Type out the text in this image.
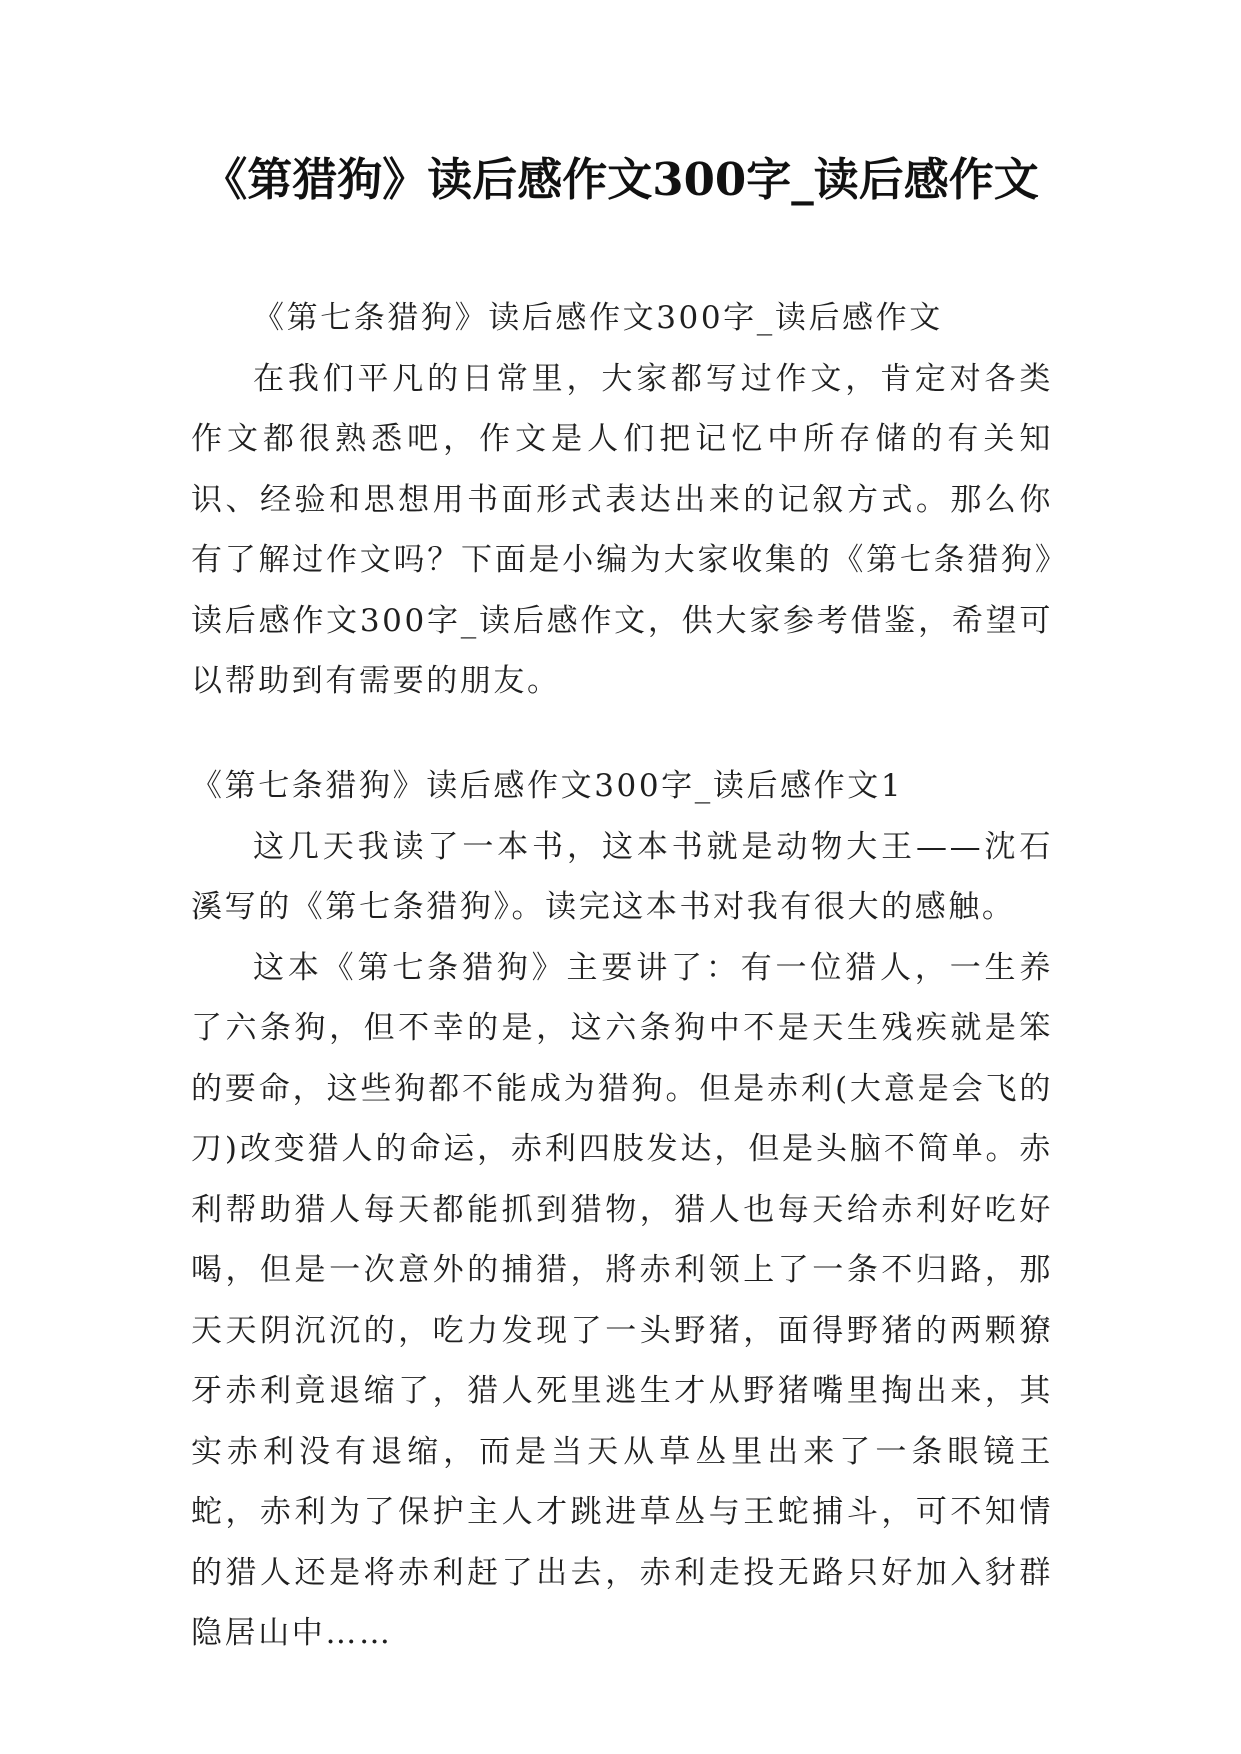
《第猎狗》读后感作文300字_读后感作文

《第七条猎狗》读后感作文300字_读后感作文

在我们平凡的日常里，大家都写过作文，肯定对各类作文都很熟悉吧，作文是人们把记忆中所存储的有关知识、经验和思想用书面形式表达出来的记叙方式。那么你有了解过作文吗？下面是小编为大家收集的《第七条猎狗》读后感作文300字_读后感作文，供大家参考借鉴，希望可以帮助到有需要的朋友。

《第七条猎狗》读后感作文300字_读后感作文1

这几天我读了一本书，这本书就是动物大王——沈石溪写的《第七条猎狗》。读完这本书对我有很大的感触。

这本《第七条猎狗》主要讲了：有一位猎人，一生养了六条狗，但不幸的是，这六条狗中不是天生残疾就是笨的要命，这些狗都不能成为猎狗。但是赤利(大意是会飞的刀)改变猎人的命运，赤利四肢发达，但是头脑不简单。赤利帮助猎人每天都能抓到猎物，猎人也每天给赤利好吃好喝，但是一次意外的捕猎，將赤利领上了一条不归路，那天天阴沉沉的，吃力发现了一头野猪，面得野猪的两颗獠牙赤利竟退缩了，猎人死里逃生才从野猪嘴里掏出来，其实赤利没有退缩，而是当天从草丛里出来了一条眼镜王蛇，赤利为了保护主人才跳进草丛与王蛇捕斗，可不知情的猎人还是将赤利赶了出去，赤利走投无路只好加入豺群隐居山中……
